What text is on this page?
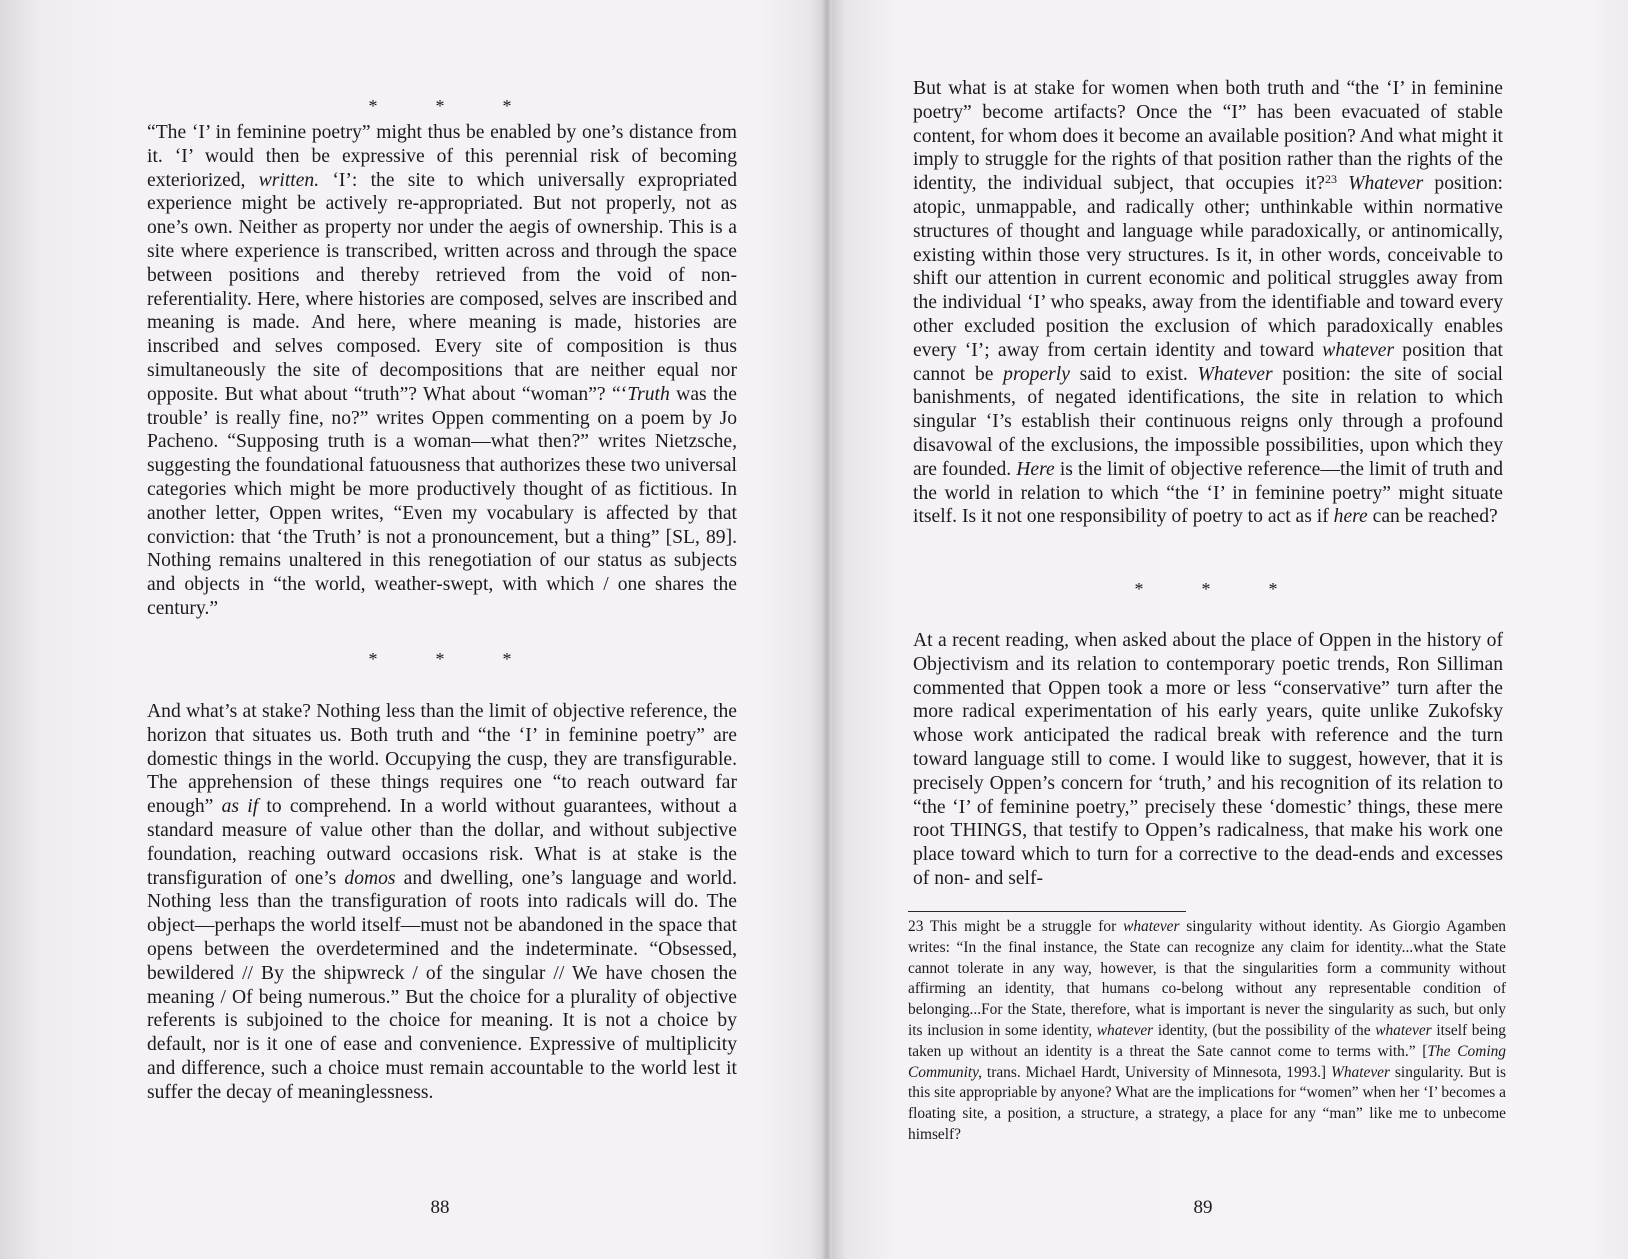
* * *

“The ‘I’ in feminine poetry” might thus be enabled by one’s distance from it. ‘I’ would then be expressive of this perennial risk of becoming exteriorized, written. ‘I’: the site to which universally expropriated experience might be actively re-appropriated. But not properly, not as one’s own. Neither as property nor under the aegis of ownership. This is a site where experience is transcribed, written across and through the space between positions and thereby retrieved from the void of non-referentiality. Here, where histories are composed, selves are inscribed and meaning is made. And here, where meaning is made, histories are inscribed and selves composed. Every site of composition is thus simultaneously the site of decompositions that are neither equal nor opposite. But what about “truth”? What about “woman”? “‘Truth was the trouble’ is really fine, no?” writes Oppen commenting on a poem by Jo Pacheno. “Supposing truth is a woman—what then?” writes Nietzsche, suggesting the foundational fatuousness that authorizes these two universal categories which might be more productively thought of as fictitious. In another letter, Oppen writes, “Even my vocabulary is affected by that conviction: that ‘the Truth’ is not a pronouncement, but a thing” [SL, 89]. Nothing remains unaltered in this renegotiation of our status as subjects and objects in “the world, weather-swept, with which / one shares the century.”

* * *

And what’s at stake? Nothing less than the limit of objective reference, the horizon that situates us. Both truth and “the ‘I’ in feminine poetry” are domestic things in the world. Occupying the cusp, they are transfigurable. The apprehension of these things requires one “to reach outward far enough” as if to comprehend. In a world without guarantees, without a standard measure of value other than the dollar, and without subjective foundation, reaching outward occasions risk. What is at stake is the transfiguration of one’s domos and dwelling, one’s language and world. Nothing less than the transfiguration of roots into radicals will do. The object—perhaps the world itself—must not be abandoned in the space that opens between the overdetermined and the indeterminate. “Obsessed, bewildered // By the shipwreck / of the singular // We have chosen the meaning / Of being numerous.” But the choice for a plurality of objective referents is subjoined to the choice for meaning. It is not a choice by default, nor is it one of ease and convenience. Expressive of multiplicity and difference, such a choice must remain accountable to the world lest it suffer the decay of meaninglessness.

88

But what is at stake for women when both truth and “the ‘I’ in feminine poetry” become artifacts? Once the “I” has been evacuated of stable content, for whom does it become an available position? And what might it imply to struggle for the rights of that position rather than the rights of the identity, the individual subject, that occupies it?$^{23}$ Whatever position: atopic, unmappable, and radically other; unthinkable within normative structures of thought and language while paradoxically, or antinomically, existing within those very structures. Is it, in other words, conceivable to shift our attention in current economic and political struggles away from the individual ‘I’ who speaks, away from the identifiable and toward every other excluded position the exclusion of which paradoxically enables every ‘I’; away from certain identity and toward whatever position that cannot be properly said to exist. Whatever position: the site of social banishments, of negated identifications, the site in relation to which singular ‘I’s establish their continuous reigns only through a profound disavowal of the exclusions, the impossible possibilities, upon which they are founded. Here is the limit of objective reference—the limit of truth and the world in relation to which “the ‘I’ in feminine poetry” might situate itself. Is it not one responsibility of poetry to act as if here can be reached?

* * *

At a recent reading, when asked about the place of Oppen in the history of Objectivism and its relation to contemporary poetic trends, Ron Silliman commented that Oppen took a more or less “conservative” turn after the more radical experimentation of his early years, quite unlike Zukofsky whose work anticipated the radical break with reference and the turn toward language still to come. I would like to suggest, however, that it is precisely Oppen’s concern for ‘truth,’ and his recognition of its relation to “the ‘I’ of feminine poetry,” precisely these ‘domestic’ things, these mere root THINGS, that testify to Oppen’s radicalness, that make his work one place toward which to turn for a corrective to the dead-ends and excesses of non- and self-

23 This might be a struggle for whatever singularity without identity. As Giorgio Agamben writes: “In the final instance, the State can recognize any claim for identity...what the State cannot tolerate in any way, however, is that the singularities form a community without affirming an identity, that humans co-belong without any representable condition of belonging...For the State, therefore, what is important is never the singularity as such, but only its inclusion in some identity, whatever identity, (but the possibility of the whatever itself being taken up without an identity is a threat the Sate cannot come to terms with.” [The Coming Community, trans. Michael Hardt, University of Minnesota, 1993.] Whatever singularity. But is this site appropriable by anyone? What are the implications for “women” when her ‘I’ becomes a floating site, a position, a structure, a strategy, a place for any “man” like me to unbecome himself?

89
